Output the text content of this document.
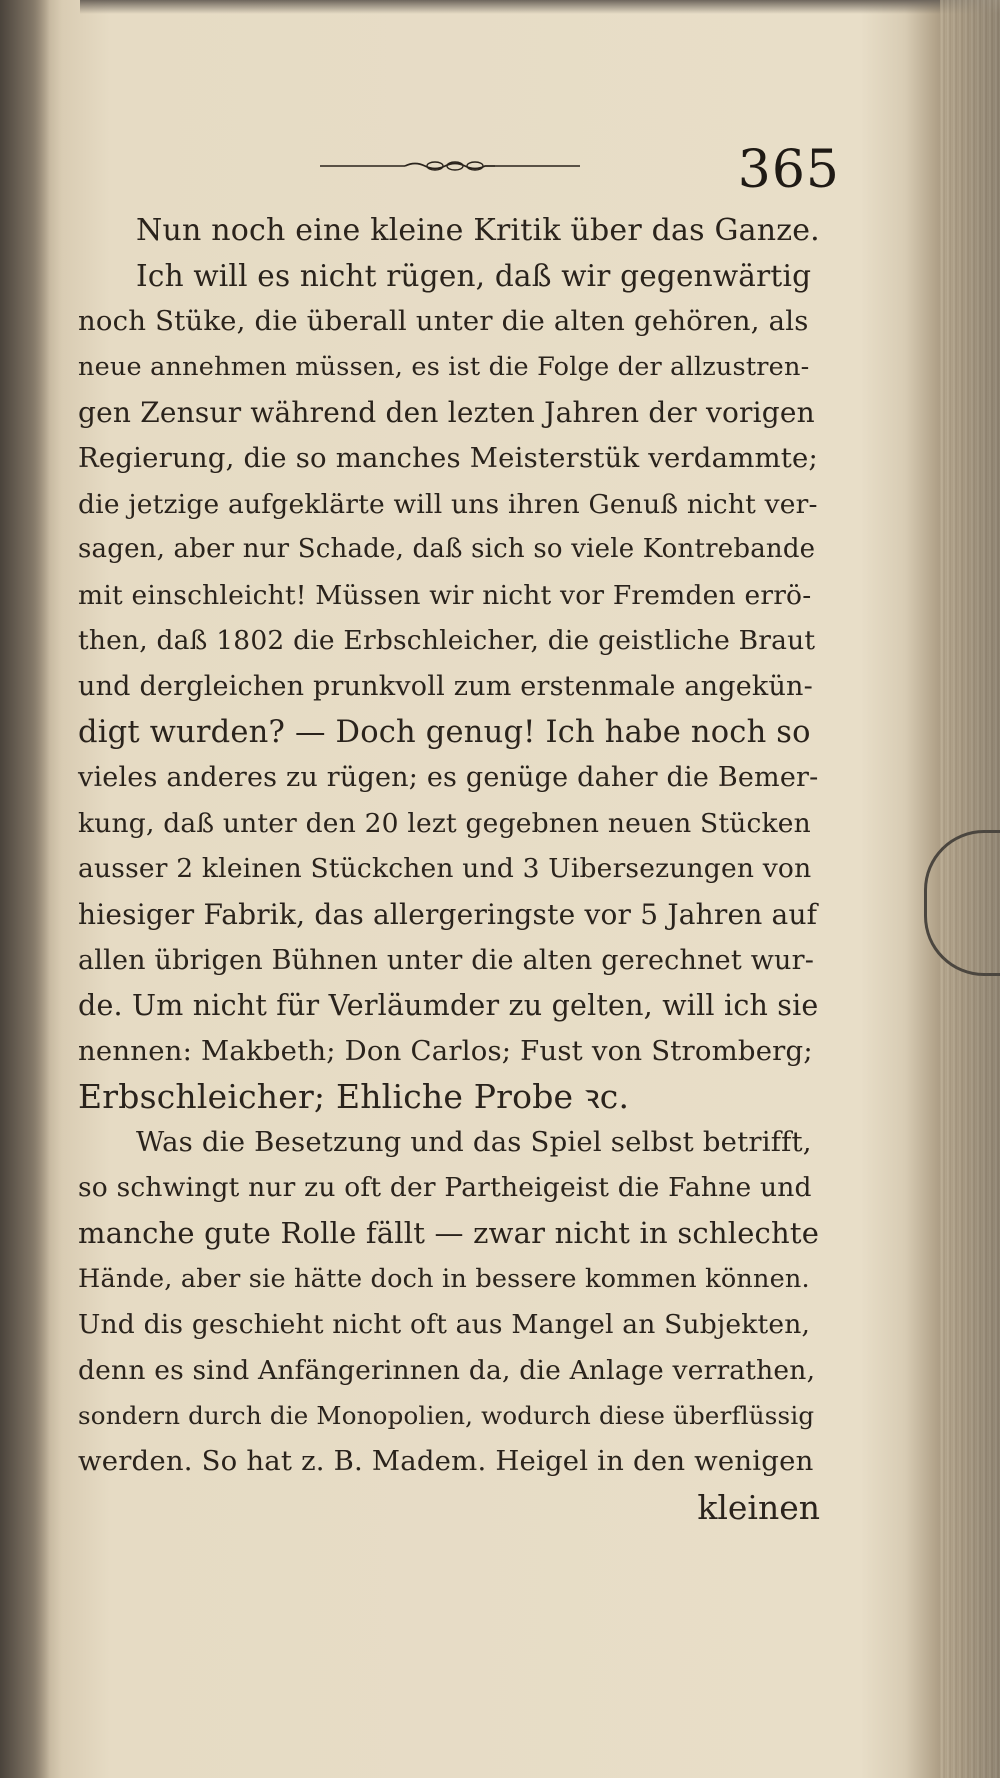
365
Nun noch eine kleine Kritik über das Ganze.
Ich will es nicht rügen, daß wir gegenwärtig
noch Stüke, die überall unter die alten gehören, als
neue annehmen müssen, es ist die Folge der allzustren-
gen Zensur während den lezten Jahren der vorigen
Regierung, die so manches Meisterstük verdammte;
die jetzige aufgeklärte will uns ihren Genuß nicht ver-
sagen, aber nur Schade, daß sich so viele Kontrebande
mit einschleicht! Müssen wir nicht vor Fremden errö-
then, daß 1802 die Erbschleicher, die geistliche Braut
und dergleichen prunkvoll zum erstenmale angekün-
digt wurden? — Doch genug! Ich habe noch so
vieles anderes zu rügen; es genüge daher die Bemer-
kung, daß unter den 20 lezt gegebnen neuen Stücken
ausser 2 kleinen Stückchen und 3 Uibersezungen von
hiesiger Fabrik, das allergeringste vor 5 Jahren auf
allen übrigen Bühnen unter die alten gerechnet wur-
de. Um nicht für Verläumder zu gelten, will ich sie
nennen: Makbeth; Don Carlos; Fust von Stromberg;
Erbschleicher; Ehliche Probe ꝛc.
Was die Besetzung und das Spiel selbst betrifft,
so schwingt nur zu oft der Partheigeist die Fahne und
manche gute Rolle fällt — zwar nicht in schlechte
Hände, aber sie hätte doch in bessere kommen können.
Und dis geschieht nicht oft aus Mangel an Subjekten,
denn es sind Anfängerinnen da, die Anlage verrathen,
sondern durch die Monopolien, wodurch diese überflüssig
werden. So hat z. B. Madem. Heigel in den wenigen
kleinen
